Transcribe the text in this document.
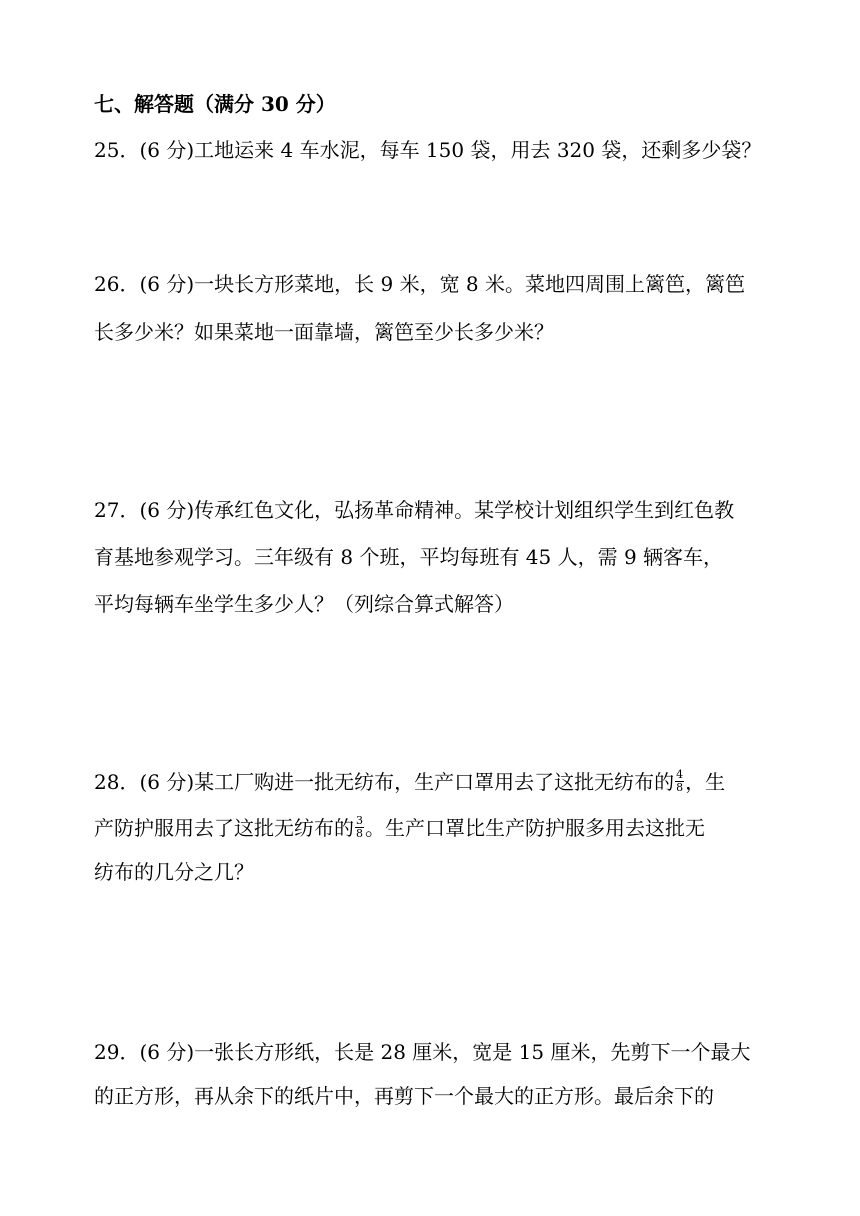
七、解答题（满分 30 分）
25．(6 分)工地运来 4 车水泥，每车 150 袋，用去 320 袋，还剩多少袋？
26．(6 分)一块长方形菜地，长 9 米，宽 8 米。菜地四周围上篱笆，篱笆
长多少米？如果菜地一面靠墙，篱笆至少长多少米？
27．(6 分)传承红色文化，弘扬革命精神。某学校计划组织学生到红色教
育基地参观学习。三年级有 8 个班，平均每班有 45 人，需 9 辆客车，
平均每辆车坐学生多少人？（列综合算式解答）
28．(6 分)某工厂购进一批无纺布，生产口罩用去了这批无纺布的 $\frac{4}{8}$ ，生
产防护服用去了这批无纺布的 $\frac{3}{8}$ 。生产口罩比生产防护服多用去这批无
纺布的几分之几？
29．(6 分)一张长方形纸，长是 28 厘米，宽是 15 厘米，先剪下一个最大
的正方形，再从余下的纸片中，再剪下一个最大的正方形。最后余下的
